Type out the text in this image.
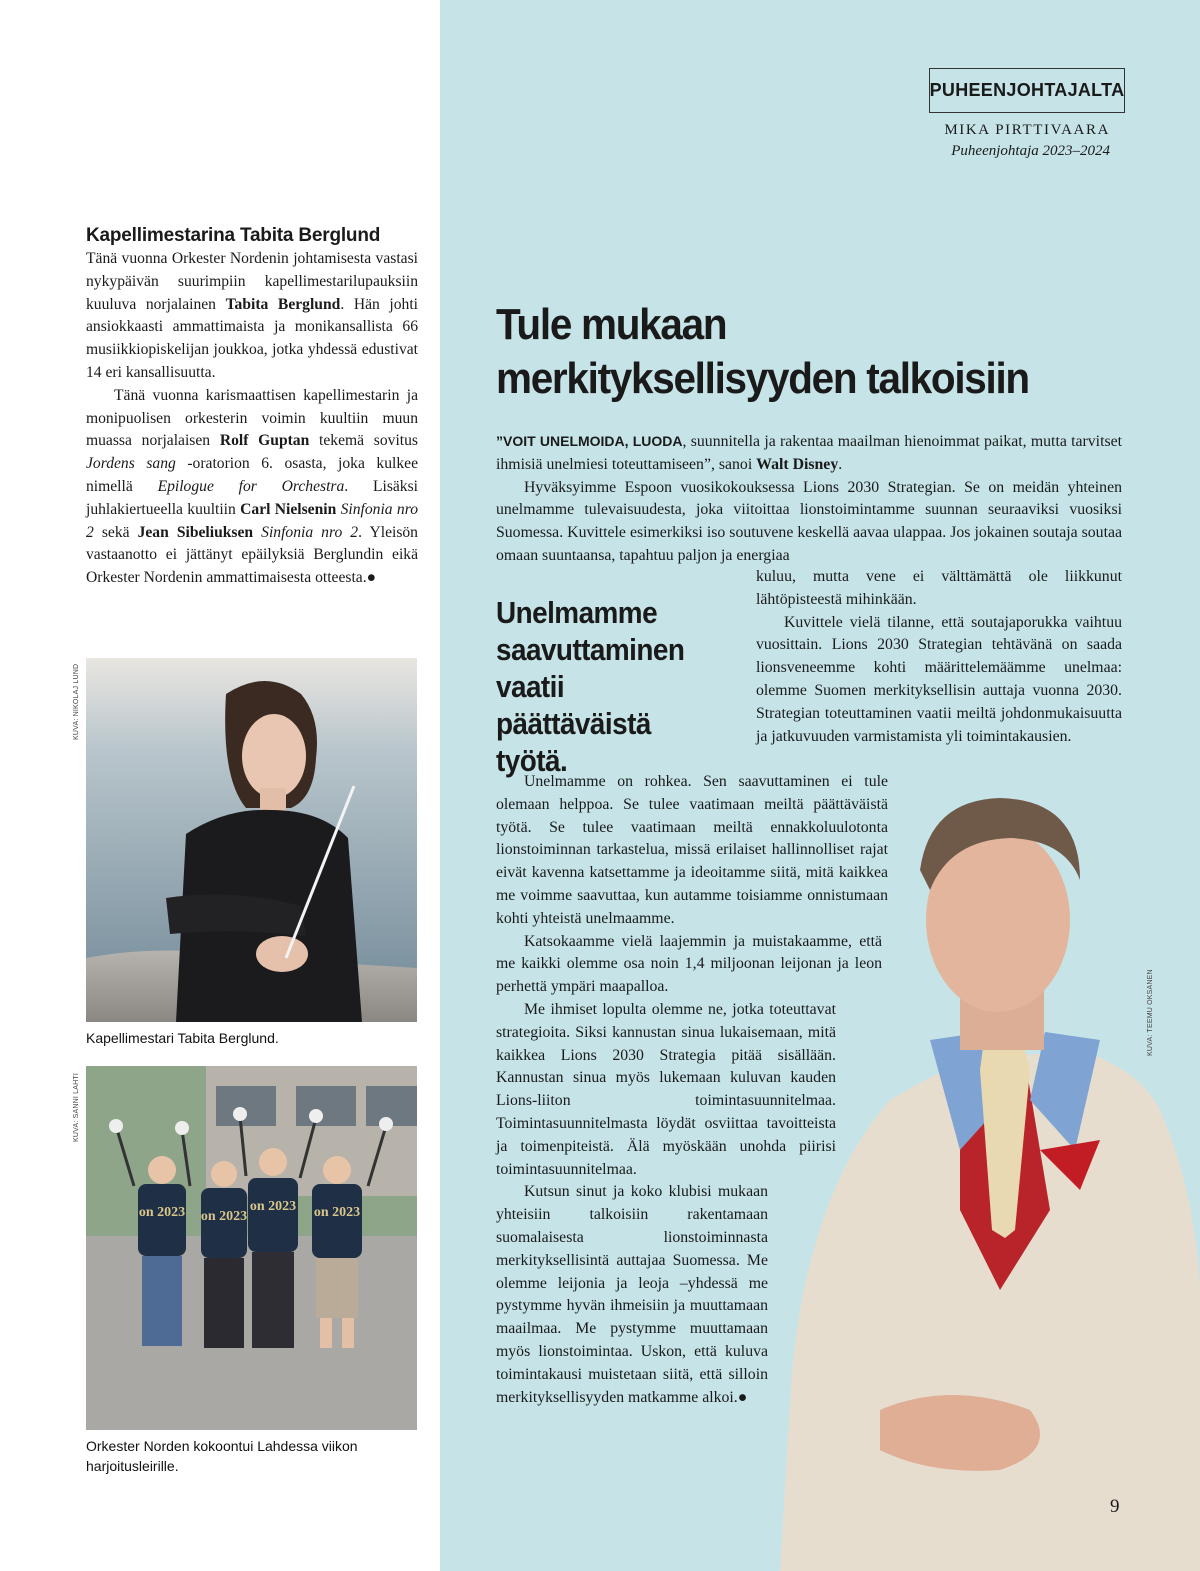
Kapellimestarina Tabita Berglund

Tänä vuonna Orkester Nordenin johtamisesta vastasi nykypäivän suurimpiin kapellimestarilupauksiin kuuluva norjalainen Tabita Berglund. Hän johti ansiokkaasti ammattimaista ja monikansallista 66 musiikkiopiskelijan joukkoa, jotka yhdessä edustivat 14 eri kansallisuutta.

Tänä vuonna karismaattisen kapellimestarin ja monipuolisen orkesterin voimin kuultiin muun muassa norjalaisen Rolf Guptan tekemä sovitus Jordens sang -oratorion 6. osasta, joka kulkee nimellä Epilogue for Orchestra. Lisäksi juhlakiertueella kuultiin Carl Nielsenin Sinfonia nro 2 sekä Jean Sibeliuksen Sinfonia nro 2. Yleisön vastaanotto ei jättänyt epäilyksiä Berglundin eikä Orkester Nordenin ammattimaisesta otteesta.●

KUVA: NIKOLAJ LUND
Kapellimestari Tabita Berglund.
KUVA: SANNI LAHTI
on 2023 on 2023
on 2023 on 2023
Orkester Norden kokoontui Lahdessa viikon harjoitusleirille.
PUHEENJOHTAJALTA
MIKA PIRTTIVAARA
Puheenjohtaja 2023–2024
Tule mukaan merkityksellisyyden talkoisiin
KUVA: TEEMU OKSANEN

”VOIT UNELMOIDA, LUODA, suunnitella ja rakentaa maailman hienoimmat paikat, mutta tarvitset ihmisiä unelmiesi toteuttamiseen”, sanoi Walt Disney.

Hyväksyimme Espoon vuosikokouksessa Lions 2030 Strategian. Se on meidän yhteinen unelmamme tulevaisuudesta, joka viitoittaa lionstoimintamme suunnan seuraaviksi vuosiksi Suomessa. Kuvittele esimerkiksi iso soutuvene keskellä aavaa ulappaa. Jos jokainen soutaja soutaa omaan suuntaansa, tapahtuu paljon ja energiaa

Unelmamme saavuttaminen vaatii päättäväistä työtä.

kuluu, mutta vene ei välttämättä ole liikkunut lähtöpisteestä mihinkään.

Kuvittele vielä tilanne, että soutajaporukka vaihtuu vuosittain. Lions 2030 Strategian tehtävänä on saada lionsveneemme kohti määrittelemäämme unelmaa: olemme Suomen merkityksellisin auttaja vuonna 2030. Strategian toteuttaminen vaatii meiltä johdonmukaisuutta ja jatkuvuuden varmistamista yli toimintakausien.

Unelmamme on rohkea. Sen saavuttaminen ei tule olemaan helppoa. Se tulee vaatimaan meiltä päättäväistä työtä. Se tulee vaatimaan meiltä ennakkoluulotonta lionstoiminnan tarkastelua, missä erilaiset hallinnolliset rajat eivät kavenna katsettamme ja ideoitamme siitä, mitä kaikkea me voimme saavuttaa, kun autamme toisiamme onnistumaan kohti yhteistä unelmaamme.

Katsokaamme vielä laajemmin ja muistakaamme, että me kaikki olemme osa noin 1,4 miljoonan leijonan ja leon perhettä ympäri maapalloa.

Me ihmiset lopulta olemme ne, jotka toteuttavat strategioita. Siksi kannustan sinua lukaisemaan, mitä kaikkea Lions 2030 Strategia pitää sisällään. Kannustan sinua myös lukemaan kuluvan kauden Lions-liiton toimintasuunnitelmaa. Toimintasuunnitelmasta löydät osviittaa tavoitteista ja toimenpiteistä. Älä myöskään unohda piirisi toimintasuunnitelmaa.

Kutsun sinut ja koko klubisi mukaan yhteisiin talkoisiin rakentamaan suomalaisesta lionstoiminnasta merkityksellisintä auttajaa Suomessa. Me olemme leijonia ja leoja –yhdessä me pystymme hyvän ihmeisiin ja muuttamaan maailmaa. Me pystymme muuttamaan myös lionstoimintaa. Uskon, että kuluva toimintakausi muistetaan siitä, että silloin merkityksellisyyden matkamme alkoi.●

9
